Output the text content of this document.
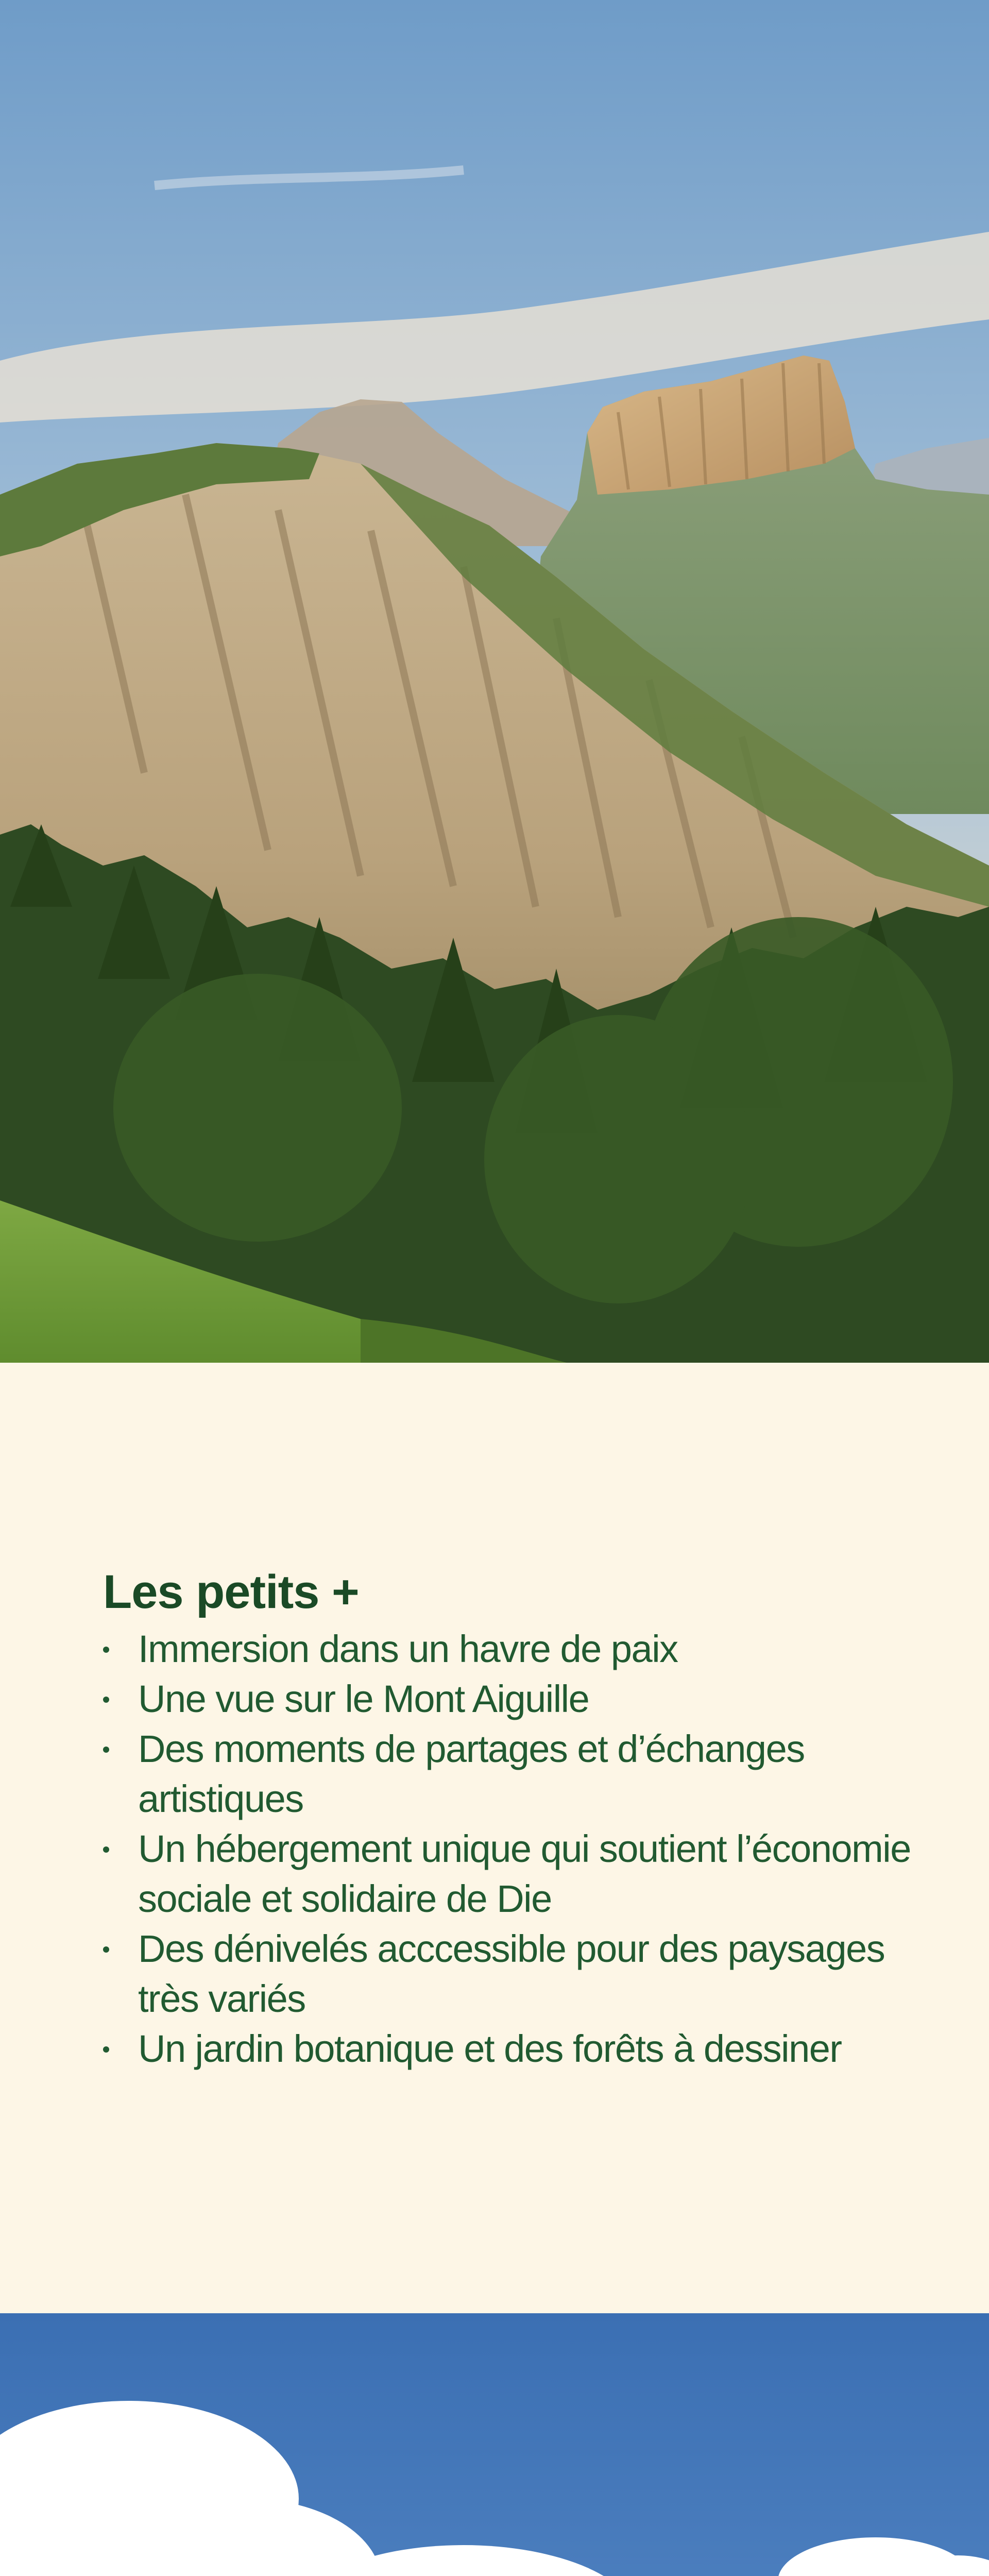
Les petits +
Immersion dans un havre de paix
Une vue sur le Mont Aiguille
Des moments de partages et d’échanges artistiques
Un hébergement unique qui soutient l’économie sociale et solidaire de Die
Des dénivelés acccessible pour des paysages très variés
Un jardin botanique et des forêts à dessiner
